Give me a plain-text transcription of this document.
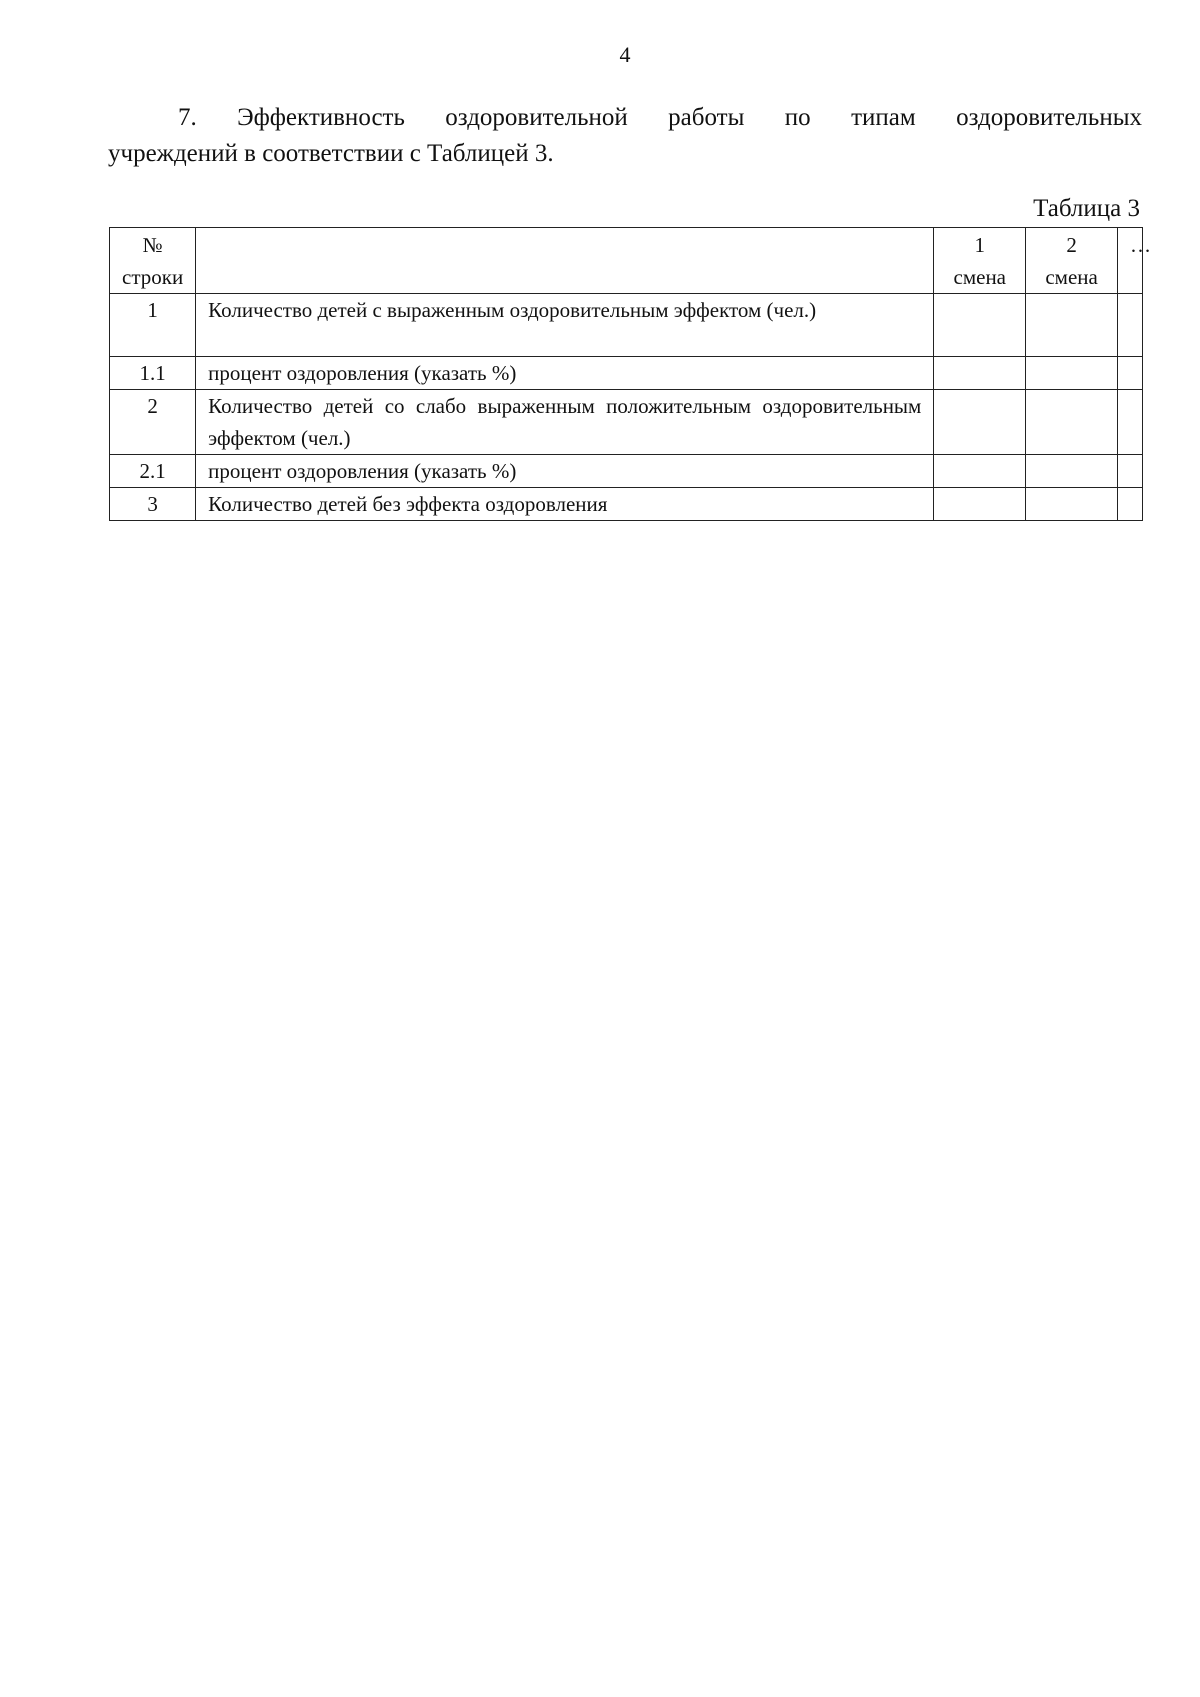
4
7. Эффективность оздоровительной работы по типам оздоровительных
учреждений в соответствии с Таблицей 3.
Таблица 3
№
строки		1 смена	2 смена	…
1	Количество детей с выраженным оздоровительным эффектом (чел.)			
1.1	процент оздоровления (указать %)			
2	Количество детей со слабо выраженным положительным оздоровительным эффектом (чел.)			
2.1	процент оздоровления (указать %)			
3	Количество детей без эффекта оздоровления			
